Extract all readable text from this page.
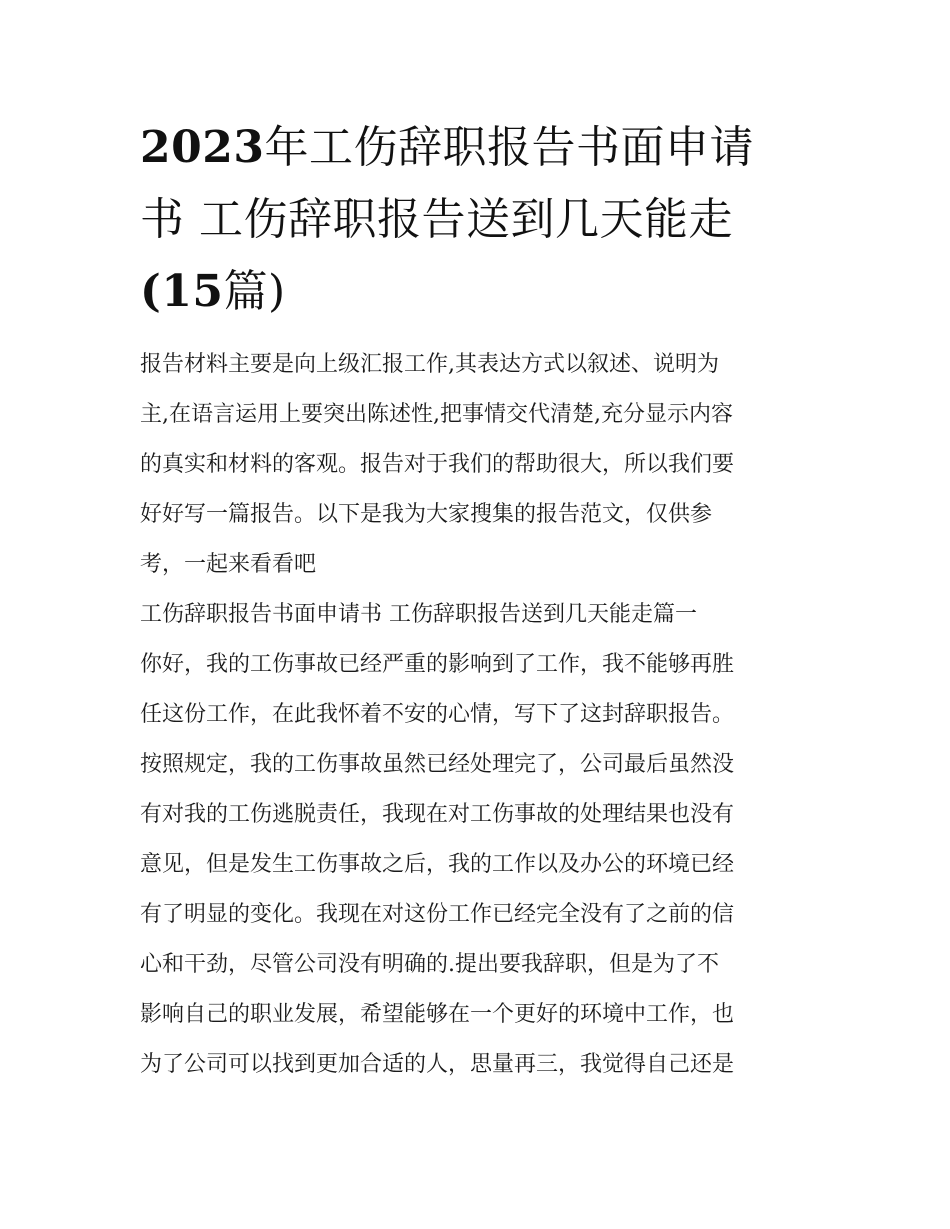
2023年工伤辞职报告书面申请
书 工伤辞职报告送到几天能走
(15篇)
报告材料主要是向上级汇报工作,其表达方式以叙述、说明为
主,在语言运用上要突出陈述性,把事情交代清楚,充分显示内容
的真实和材料的客观。报告对于我们的帮助很大，所以我们要
好好写一篇报告。以下是我为大家搜集的报告范文，仅供参
考，一起来看看吧
工伤辞职报告书面申请书 工伤辞职报告送到几天能走篇一
你好，我的工伤事故已经严重的影响到了工作，我不能够再胜
任这份工作，在此我怀着不安的心情，写下了这封辞职报告。
按照规定，我的工伤事故虽然已经处理完了，公司最后虽然没
有对我的工伤逃脱责任，我现在对工伤事故的处理结果也没有
意见，但是发生工伤事故之后，我的工作以及办公的环境已经
有了明显的变化。我现在对这份工作已经完全没有了之前的信
心和干劲，尽管公司没有明确的.提出要我辞职，但是为了不
影响自己的职业发展，希望能够在一个更好的环境中工作，也
为了公司可以找到更加合适的人，思量再三，我觉得自己还是
